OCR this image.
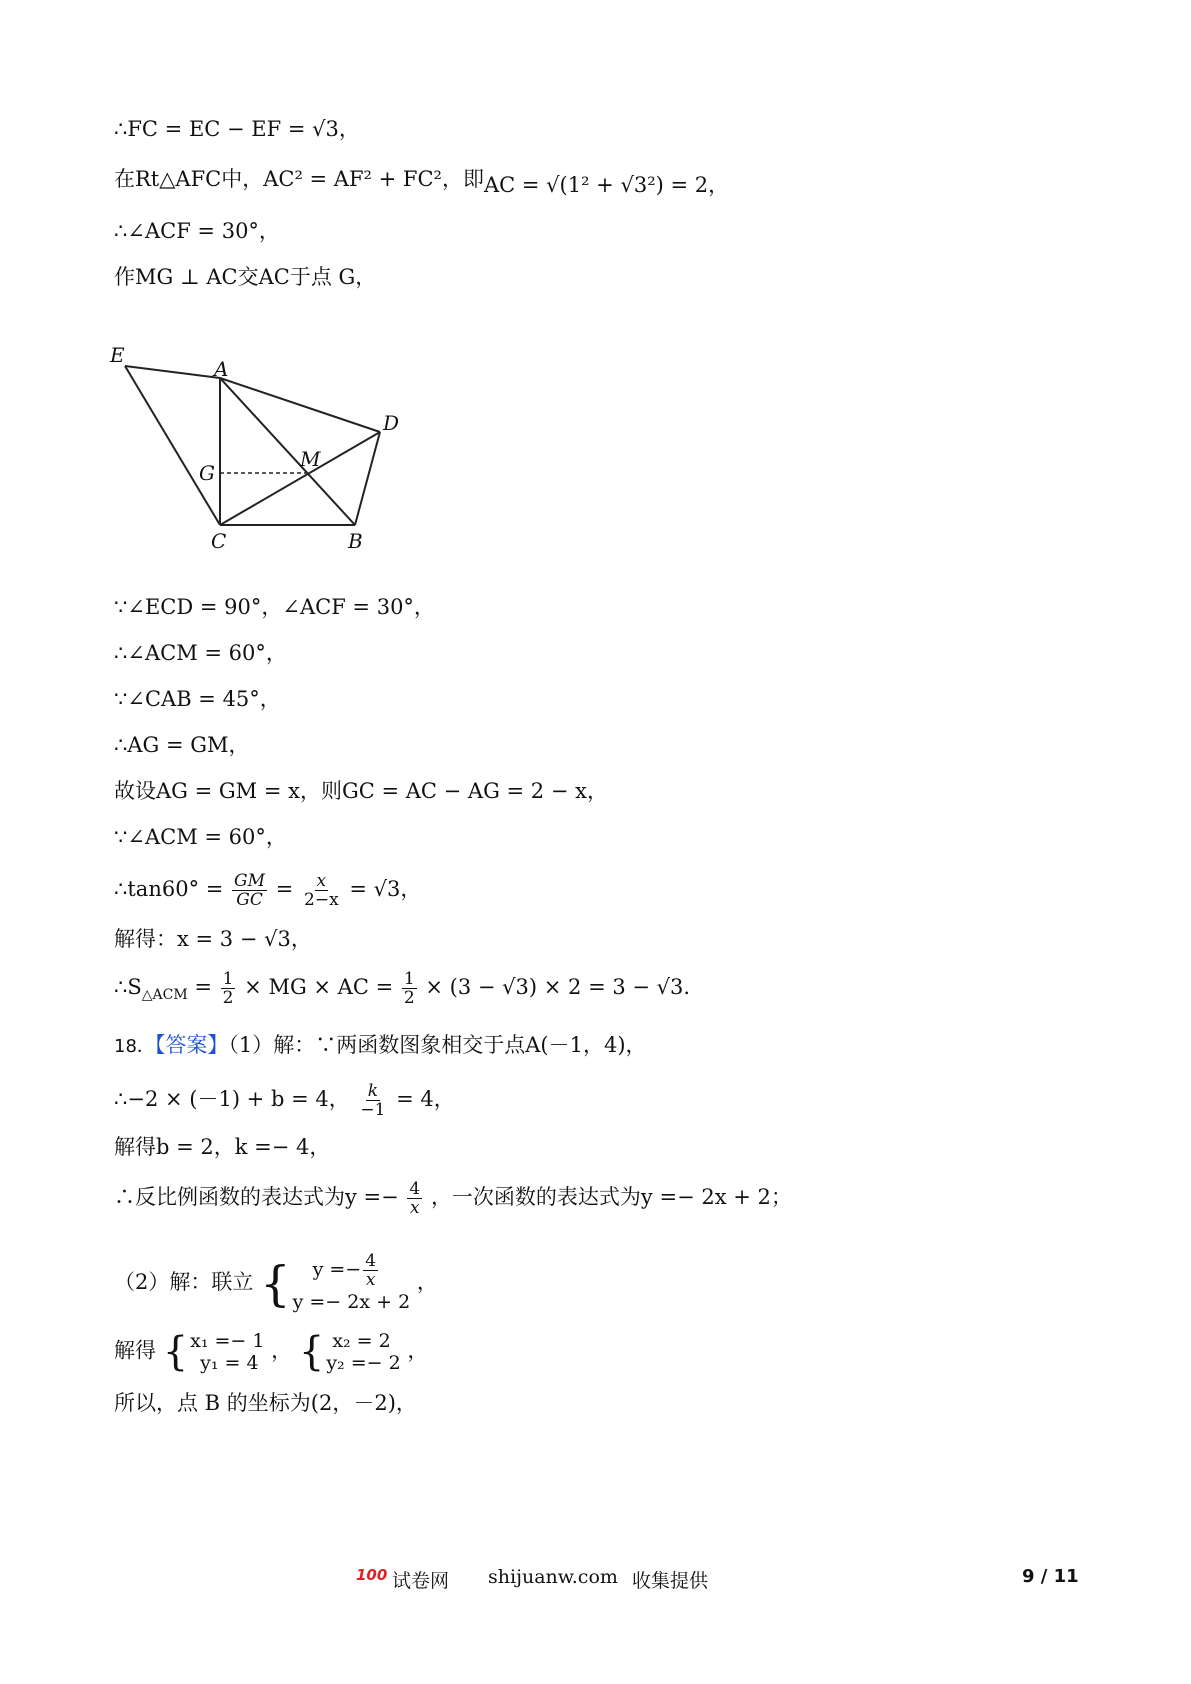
∴FC = EC − EF = √3，
在Rt△AFC中，AC² = AF² + FC²，即AC = √(1² + √3²) = 2，
∴∠ACF = 30°，
作MG ⊥ AC交AC于点 G，
E
A
D
G
M
C	B
∵∠ECD = 90°，∠ACF = 30°，
∴∠ACM = 60°，
∵∠CAB = 45°，
∴AG = GM，
故设AG = GM = x，则GC = AC − AG = 2 − x，
∵∠ACM = 60°，
∴tan60° = $\frac{GM}{GC} = \frac{x}{2-x} = √3$，
解得：x = 3 − √3，
$\therefore S_{\triangle ACM} = \frac{1}{2}$ × MG × AC = $\frac{1}{2} \times (3 - √3) \times 2 = 3 - √3$.
18．【答案】（1）解：∵两函数图象相交于点A(－1，4)，
∴−2 × (－1) + b = 4， $\frac{k}{-1} = 4$，
解得b = 2，k =− 4，
∴反比例函数的表达式为$y =- \frac{4}{x}$ ，一次函数的表达式为y =− 2x + 2；
（2）解：联立 {	$y =- \frac{4}{x}$
y =− 2x + 2
，
解得 { x₁ =− 1
y₁ = 4
， { x₂ = 2
y₂ =− 2
，
所以，点 B 的坐标为(2，－2)，
100 试卷网 shijuanw.com 收集提供	9 / 11
